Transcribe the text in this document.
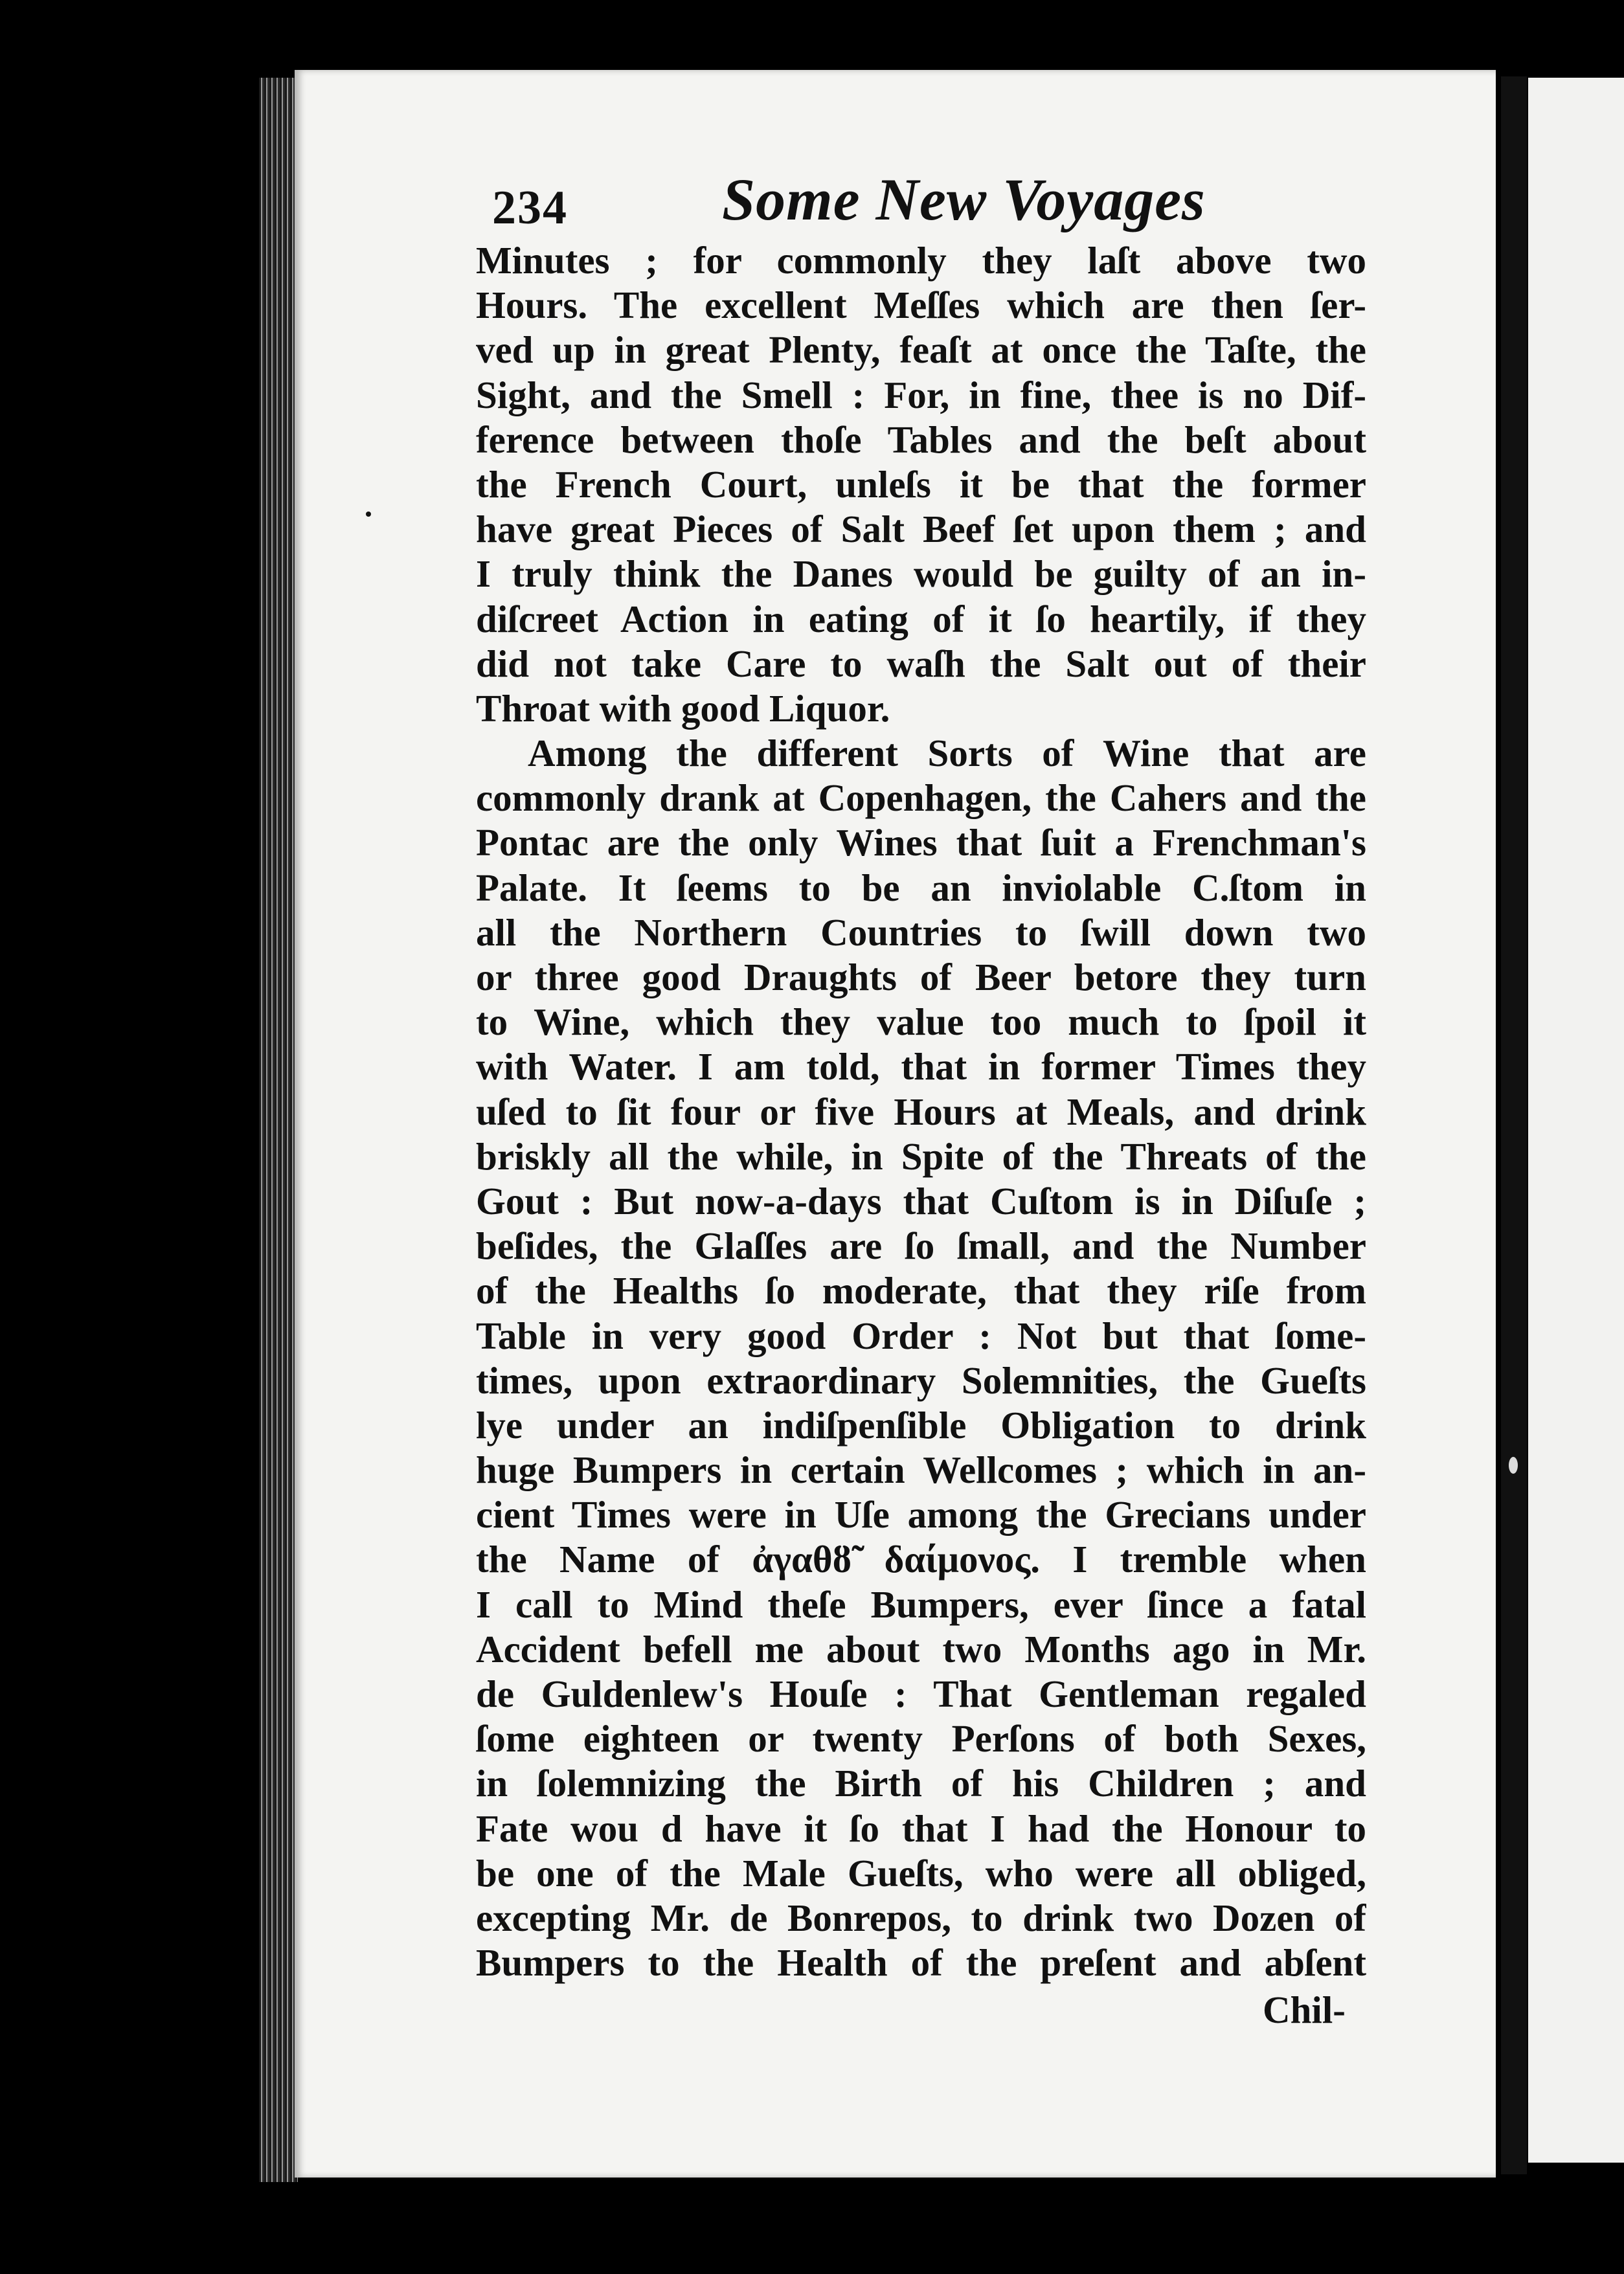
234	Some New Voyages
Minutes ; for commonly they laſt above two
Hours. The excellent Meſſes which are then ſer-
ved up in great Plenty, feaſt at once the Taſte, the
Sight, and the Smell : For, in fine, thee is no Dif-
ference between thoſe Tables and the beſt about
the French Court, unleſs it be that the former
have great Pieces of Salt Beef ſet upon them ; and
I truly think the Danes would be guilty of an in-
diſcreet Action in eating of it ſo heartily, if they
did not take Care to waſh the Salt out of their
Throat with good Liquor.
Among the different Sorts of Wine that are
commonly drank at Copenhagen, the Cahers and the
Pontac are the only Wines that ſuit a Frenchman's
Palate. It ſeems to be an inviolable C.ſtom in
all the Northern Countries to ſwill down two
or three good Draughts of Beer betore they turn
to Wine, which they value too much to ſpoil it
with Water. I am told, that in former Times they
uſed to ſit four or five Hours at Meals, and drink
briskly all the while, in Spite of the Threats of the
Gout : But now-a-days that Cuſtom is in Diſuſe ;
beſides, the Glaſſes are ſo ſmall, and the Number
of the Healths ſo moderate, that they riſe from
Table in very good Order : Not but that ſome-
times, upon extraordinary Solemnities, the Gueſts
lye under an indiſpenſible Obligation to drink
huge Bumpers in certain Wellcomes ; which in an-
cient Times were in Uſe among the Grecians under
the Name of ἀγαθȣ̃ δαίμονος. I tremble when
I call to Mind theſe Bumpers, ever ſince a fatal
Accident befell me about two Months ago in Mr.
de Guldenlew's Houſe : That Gentleman regaled
ſome eighteen or twenty Perſons of both Sexes,
in ſolemnizing the Birth of his Children ; and
Fate wou d have it ſo that I had the Honour to
be one of the Male Gueſts, who were all obliged,
excepting Mr. de Bonrepos, to drink two Dozen of
Bumpers to the Health of the preſent and abſent
Chil-
